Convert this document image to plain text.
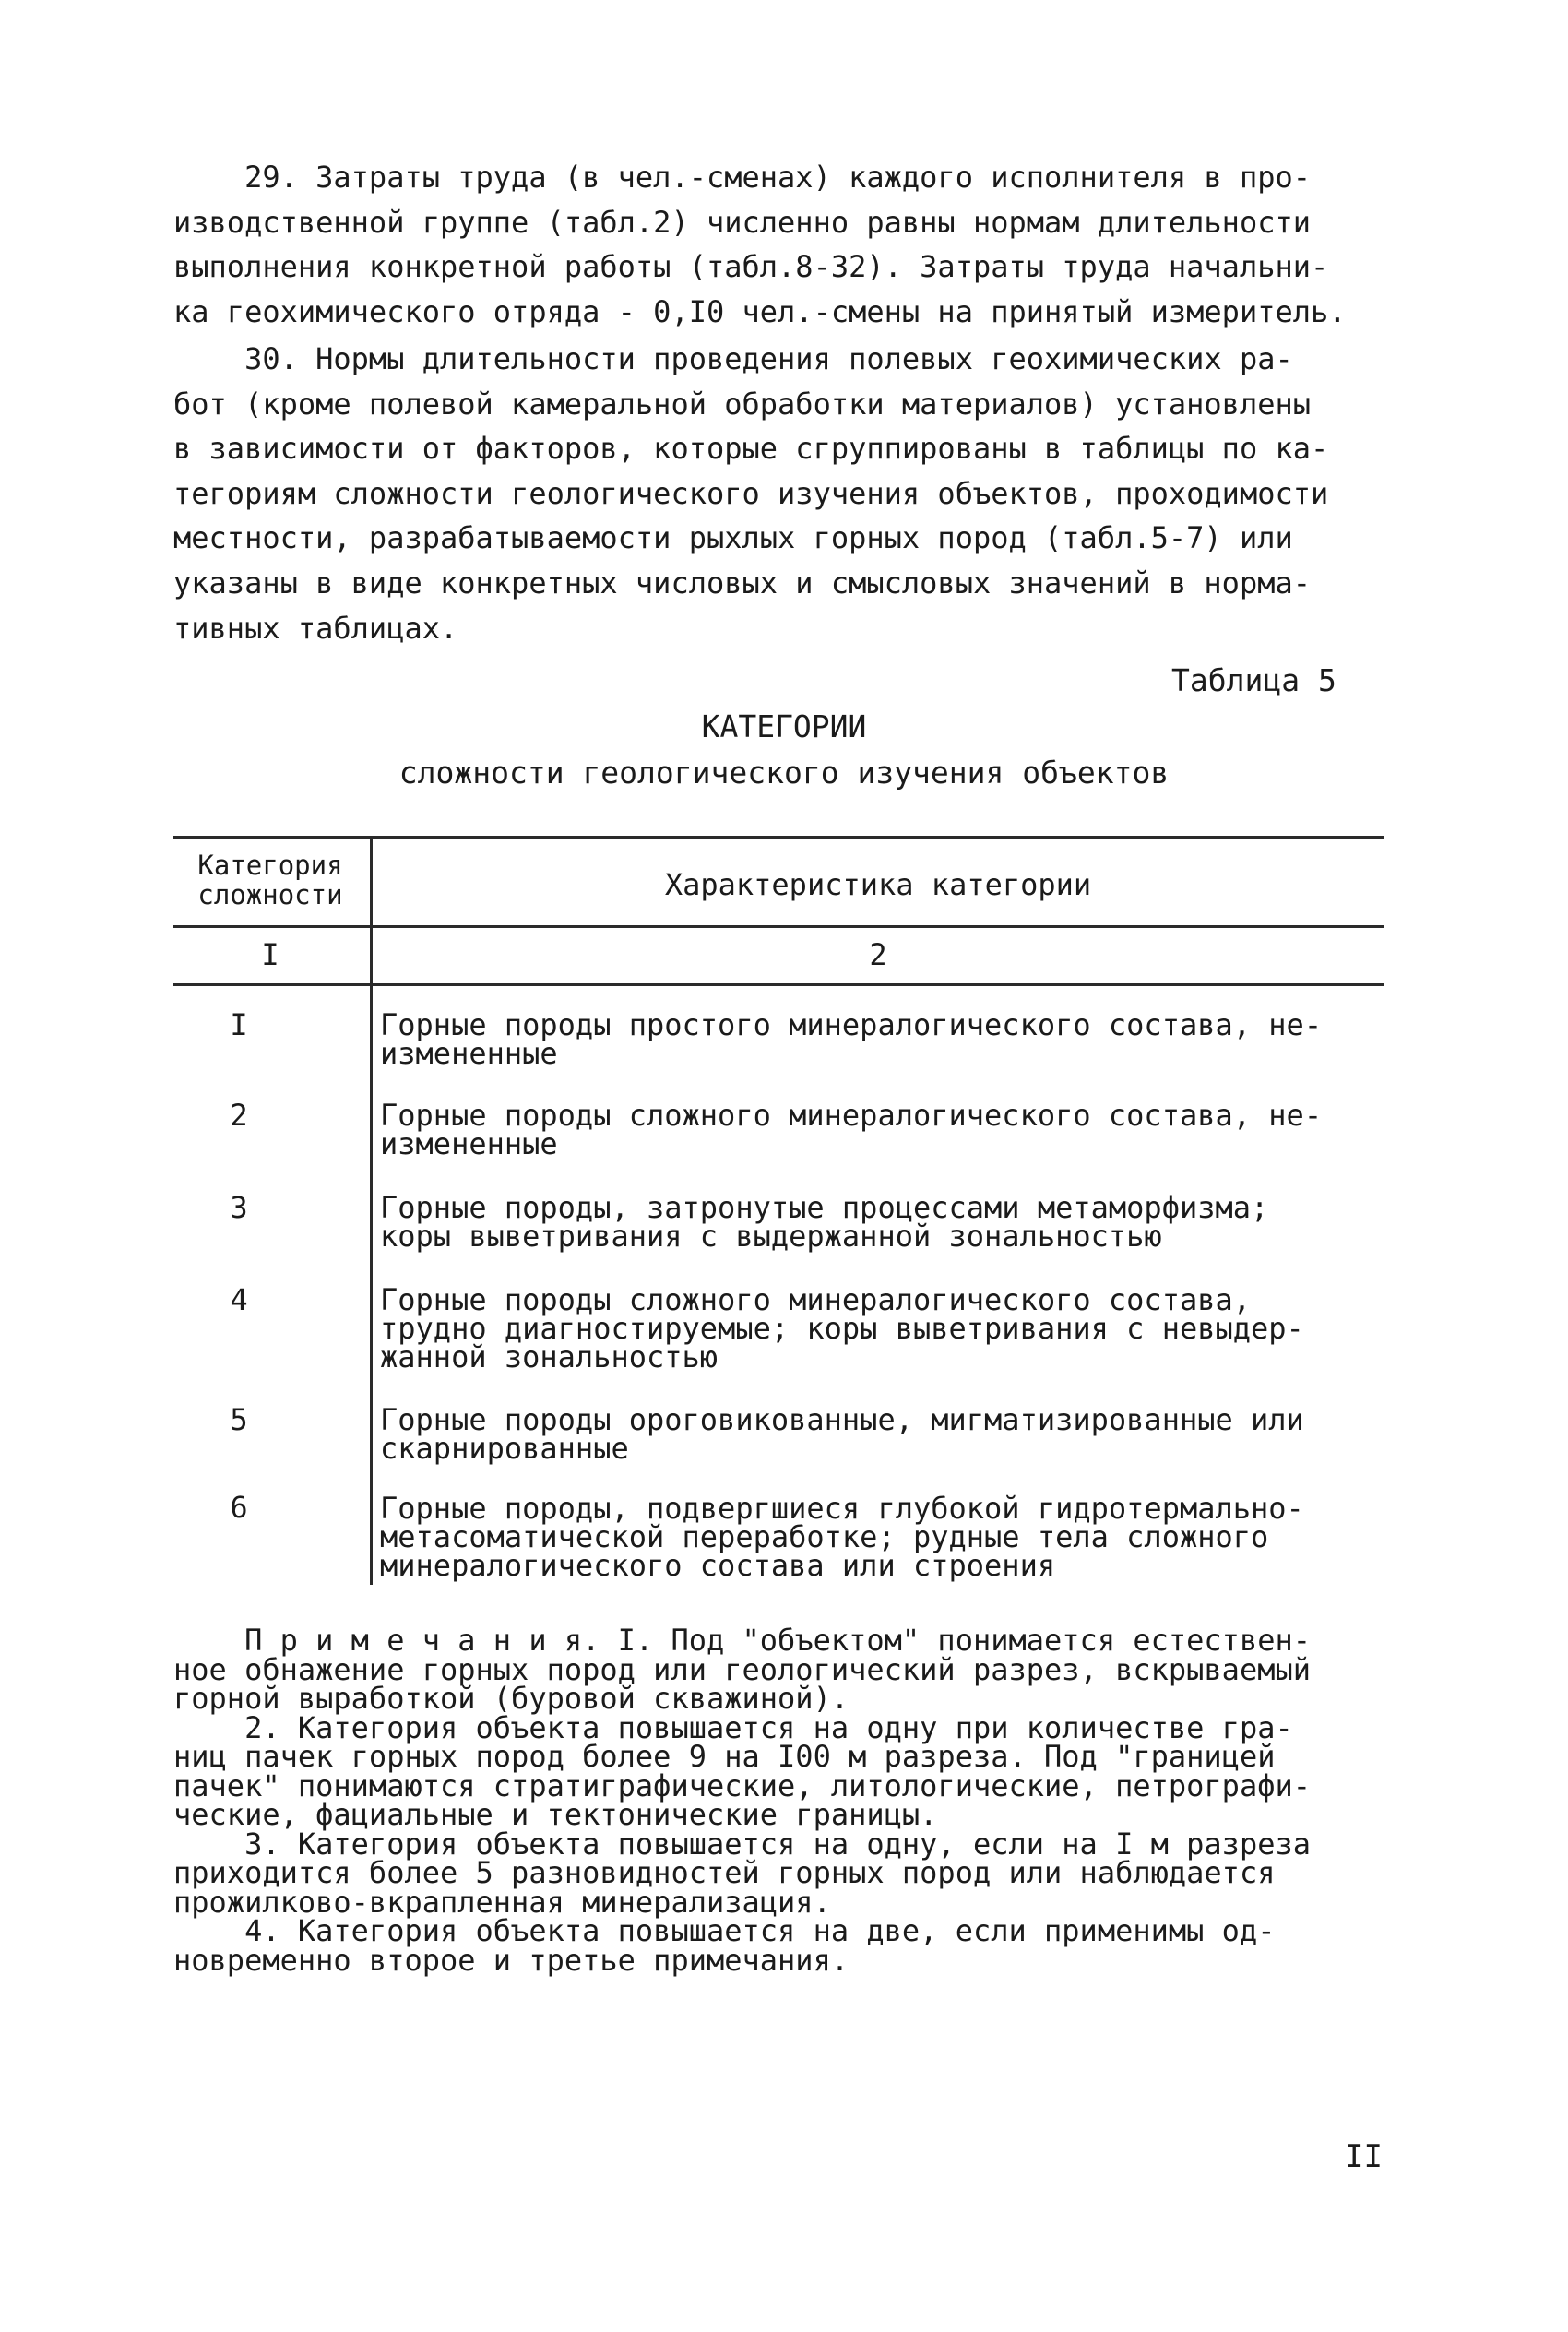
29. Затраты труда (в чел.-сменах) каждого исполнителя в про-
изводственной группе (табл.2) численно равны нормам длительности
выполнения конкретной работы (табл.8-32). Затраты труда начальни-
ка геохимического отряда - 0,I0 чел.-смены на принятый измеритель.
30. Нормы длительности проведения полевых геохимических ра-
бот (кроме полевой камеральной обработки материалов) установлены
в зависимости от факторов, которые сгруппированы в таблицы по ка-
тегориям сложности геологического изучения объектов, проходимости
местности, разрабатываемости рыхлых горных пород (табл.5-7) или
указаны в виде конкретных числовых и смысловых значений в норма-
тивных таблицах.
Таблица 5
КАТЕГОРИИ
сложности геологического изучения объектов
Категория
сложности	Характеристика категории
I	2
I	Горные породы простого минералогического состава, не-
измененные
2	Горные породы сложного минералогического состава, не-
измененные
3	Горные породы, затронутые процессами метаморфизма;
коры выветривания с выдержанной зональностью
4	Горные породы сложного минералогического состава,
трудно диагностируемые; коры выветривания с невыдер-
жанной зональностью
5	Горные породы ороговикованные, мигматизированные или
скарнированные
6	Горные породы, подвергшиеся глубокой гидротермально-
метасоматической переработке; рудные тела сложного
минералогического состава или строения
П р и м е ч а н и я. I. Под "объектом" понимается естествен-
ное обнажение горных пород или геологический разрез, вскрываемый
горной выработкой (буровой скважиной).
2. Категория объекта повышается на одну при количестве гра-
ниц пачек горных пород более 9 на I00 м разреза. Под "границей
пачек" понимаются стратиграфические, литологические, петрографи-
ческие, фациальные и тектонические границы.
3. Категория объекта повышается на одну, если на I м разреза
приходится более 5 разновидностей горных пород или наблюдается
прожилково-вкрапленная минерализация.
4. Категория объекта повышается на две, если применимы од-
новременно второе и третье примечания.
II
